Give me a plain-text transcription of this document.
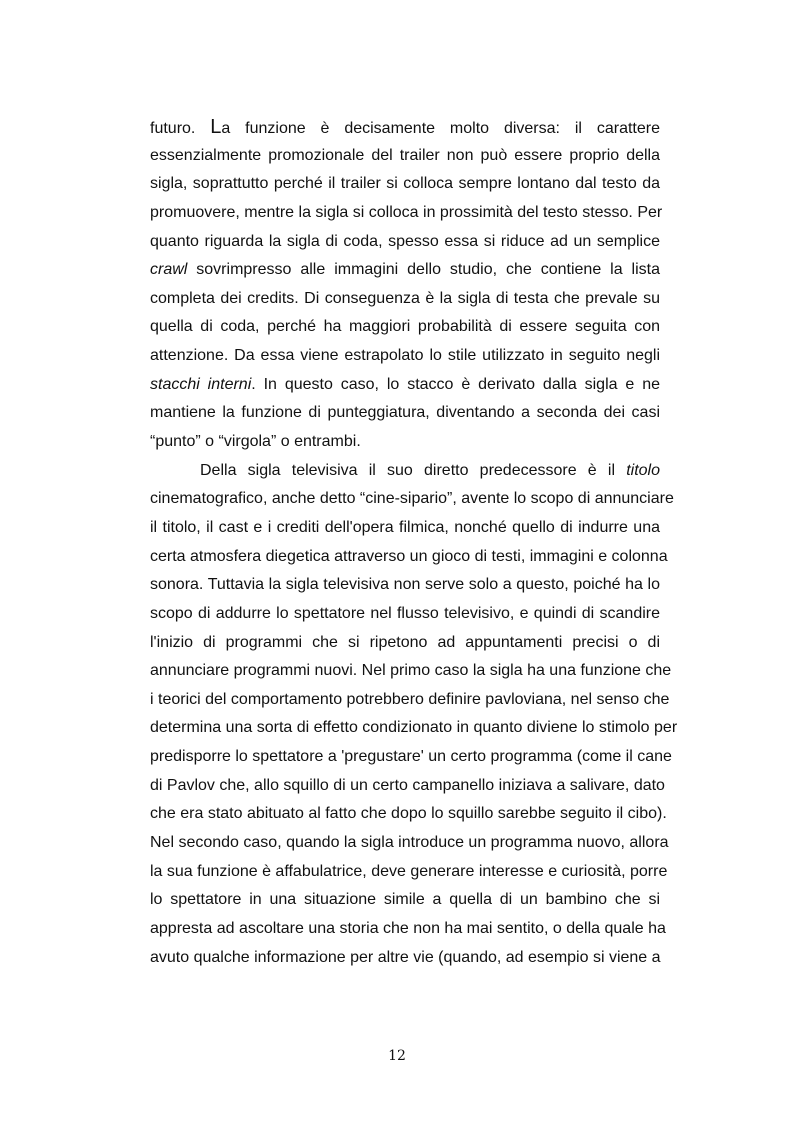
futuro. La funzione è decisamente molto diversa: il carattere
essenzialmente promozionale del trailer non può essere proprio della
sigla, soprattutto perché il trailer si colloca sempre lontano dal testo da
promuovere, mentre la sigla si colloca in prossimità del testo stesso. Per
quanto riguarda la sigla di coda, spesso essa si riduce ad un semplice
crawl sovrimpresso alle immagini dello studio, che contiene la lista
completa dei credits. Di conseguenza è la sigla di testa che prevale su
quella di coda, perché ha maggiori probabilità di essere seguita con
attenzione. Da essa viene estrapolato lo stile utilizzato in seguito negli
stacchi interni. In questo caso, lo stacco è derivato dalla sigla e ne
mantiene la funzione di punteggiatura, diventando a seconda dei casi
“punto” o “virgola” o entrambi.
Della sigla televisiva il suo diretto predecessore è il titolo
cinematografico, anche detto “cine-sipario”, avente lo scopo di annunciare
il titolo, il cast e i crediti dell'opera filmica, nonché quello di indurre una
certa atmosfera diegetica attraverso un gioco di testi, immagini e colonna
sonora. Tuttavia la sigla televisiva non serve solo a questo, poiché ha lo
scopo di addurre lo spettatore nel flusso televisivo, e quindi di scandire
l'inizio di programmi che si ripetono ad appuntamenti precisi o di
annunciare programmi nuovi. Nel primo caso la sigla ha una funzione che
i teorici del comportamento potrebbero definire pavloviana, nel senso che
determina una sorta di effetto condizionato in quanto diviene lo stimolo per
predisporre lo spettatore a 'pregustare' un certo programma (come il cane
di Pavlov che, allo squillo di un certo campanello iniziava a salivare, dato
che era stato abituato al fatto che dopo lo squillo sarebbe seguito il cibo).
Nel secondo caso, quando la sigla introduce un programma nuovo, allora
la sua funzione è affabulatrice, deve generare interesse e curiosità, porre
lo spettatore in una situazione simile a quella di un bambino che si
appresta ad ascoltare una storia che non ha mai sentito, o della quale ha
avuto qualche informazione per altre vie (quando, ad esempio si viene a
12
